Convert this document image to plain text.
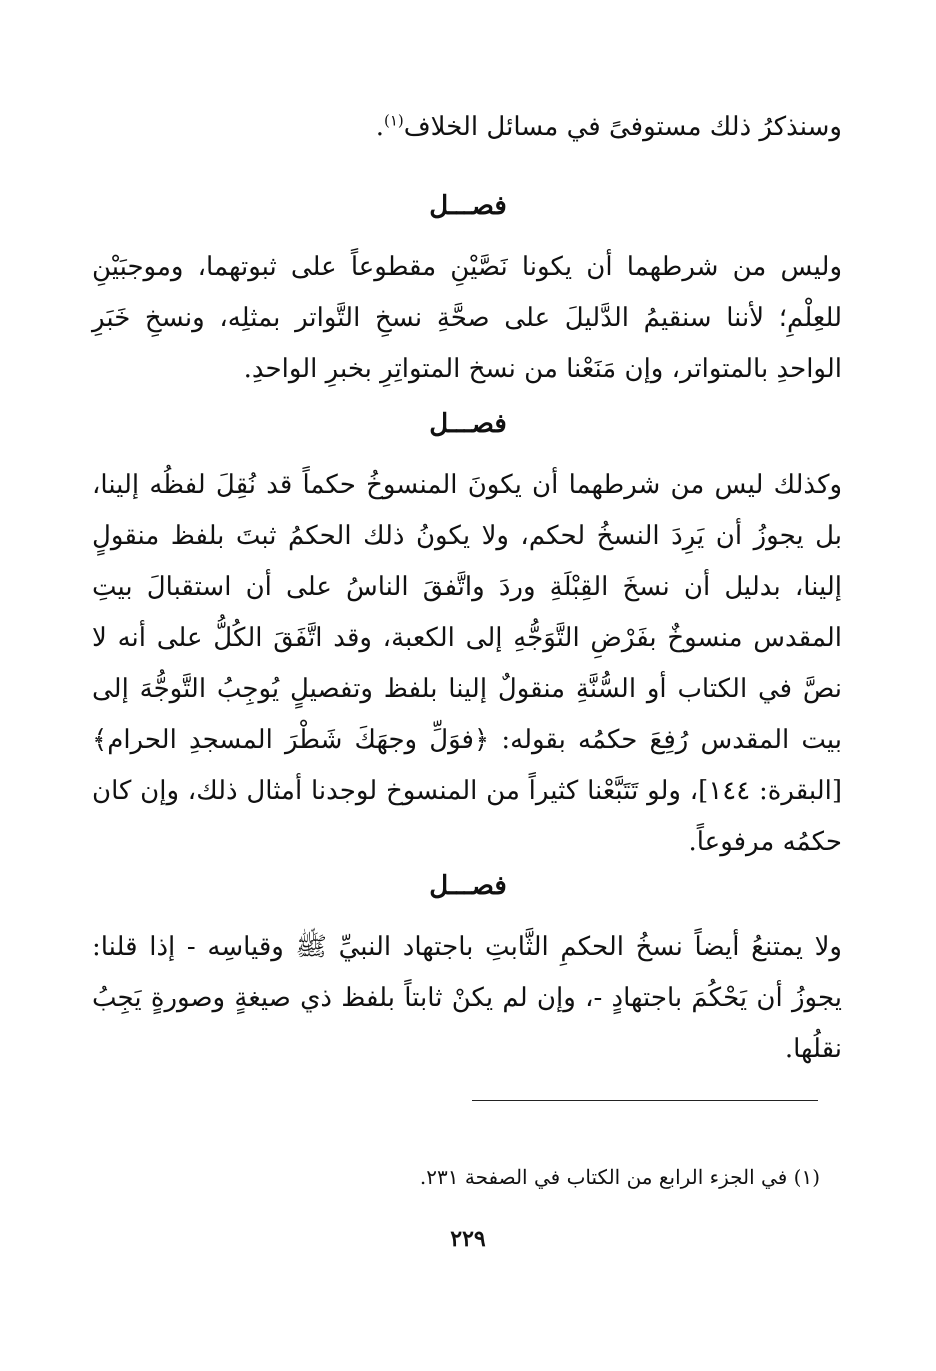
وسنذكرُ ذلك مستوفىً في مسائل الخلاف$^{(١)}$.

فصـــل

وليس من شرطهما أن يكونا نَصَّيْنِ مقطوعاً على ثبوتهما، وموجبَيْنِ للعِلْمِ؛ لأننا سنقيمُ الدَّليلَ على صحَّةِ نسخِ التَّواتر بمثلِه، ونسخِ خَبَرِ الواحدِ بالمتواتر، وإن مَنَعْنا من نسخ المتواتِرِ بخبرِ الواحدِ.

فصـــل

وكذلك ليس من شرطهما أن يكونَ المنسوخُ حكماً قد نُقِلَ لفظُه إلينا، بل يجوزُ أن يَرِدَ النسخُ لحكم، ولا يكونُ ذلك الحكمُ ثبتَ بلفظ منقولٍ إلينا، بدليل أن نسخَ القِبْلَةِ وردَ واتَّفقَ الناسُ على أن استقبالَ بيتِ المقدس منسوخٌ بفَرْضِ التَّوَجُّهِ إلى الكعبة، وقد اتَّفَقَ الكُلُّ على أنه لا نصَّ في الكتاب أو السُّنَّةِ منقولٌ إلينا بلفظ وتفصيلٍ يُوجِبُ التَّوجُّهَ إلى بيت المقدس رُفِعَ حكمُه بقوله: ﴿فوَلِّ وجهَكَ شَطْرَ المسجدِ الحرام﴾ [البقرة: ١٤٤]، ولو تَتَبَّعْنا كثيراً من المنسوخ لوجدنا أمثال ذلك، وإن كان حكمُه مرفوعاً.

فصـــل

ولا يمتنعُ أيضاً نسخُ الحكمِ الثَّابتِ باجتهاد النبيِّ ﷺ وقياسِه - إذا قلنا: يجوزُ أن يَحْكُمَ باجتهادٍ -، وإن لم يكنْ ثابتاً بلفظ ذي صيغةٍ وصورةٍ يَجِبُ نقلُها.

(١) في الجزء الرابع من الكتاب في الصفحة ٢٣١.
٢٢٩
